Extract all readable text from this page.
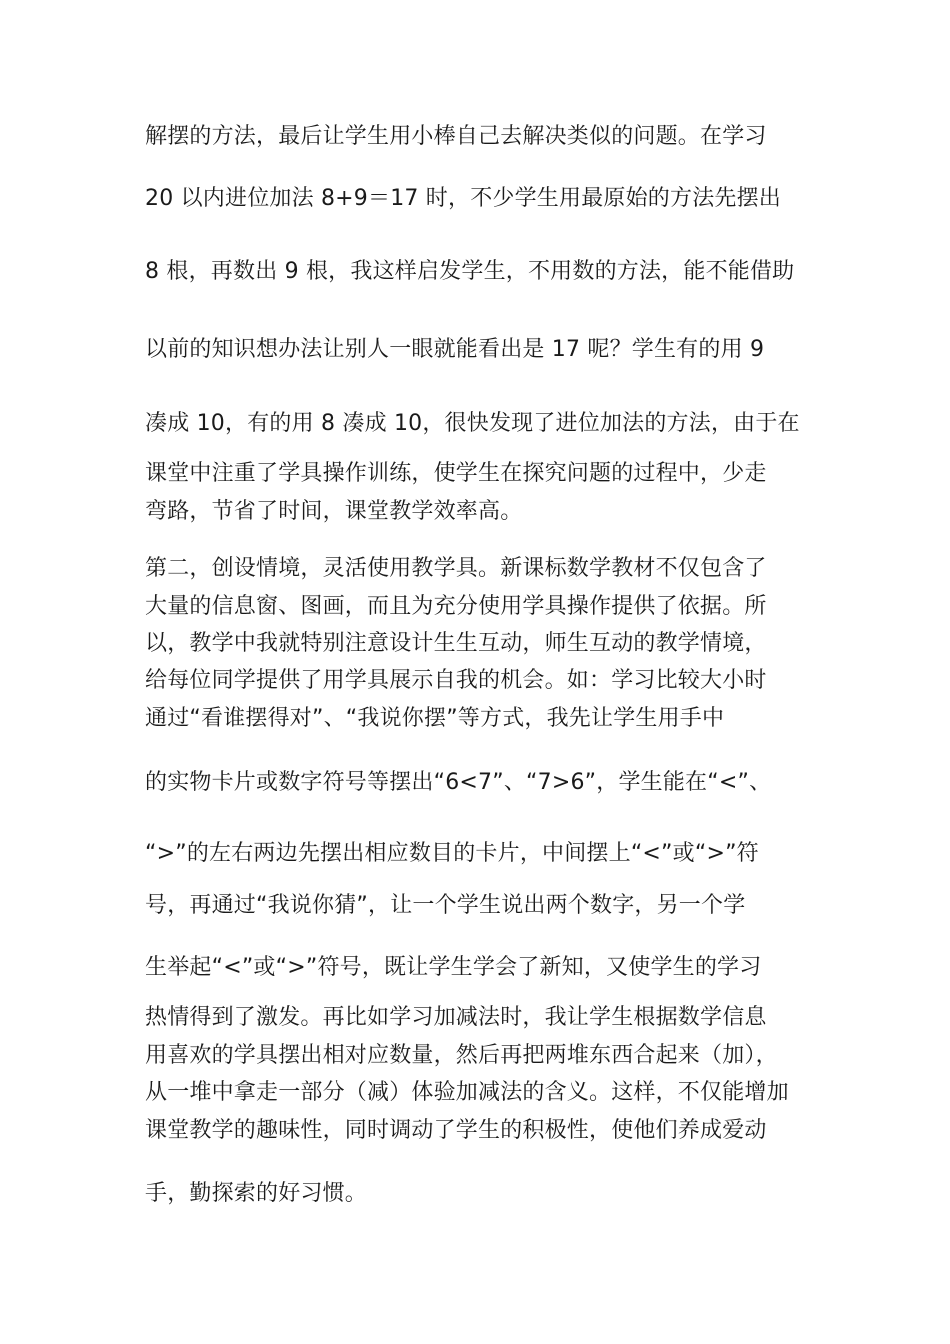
解摆的方法，最后让学生用小棒自己去解决类似的问题。在学习
20 以内进位加法 8+9＝17 时，不少学生用最原始的方法先摆出
8 根，再数出 9 根，我这样启发学生，不用数的方法，能不能借助
以前的知识想办法让别人一眼就能看出是 17 呢？学生有的用 9
凑成 10，有的用 8 凑成 10，很快发现了进位加法的方法，由于在
课堂中注重了学具操作训练，使学生在探究问题的过程中，少走
弯路，节省了时间，课堂教学效率高。
第二，创设情境，灵活使用教学具。新课标数学教材不仅包含了
大量的信息窗、图画，而且为充分使用学具操作提供了依据。所
以，教学中我就特别注意设计生生互动，师生互动的教学情境，
给每位同学提供了用学具展示自我的机会。如：学习比较大小时
通过“看谁摆得对”、“我说你摆”等方式，我先让学生用手中
的实物卡片或数字符号等摆出“6<7”、“7>6”，学生能在“<”、
“>”的左右两边先摆出相应数目的卡片，中间摆上“<”或“>”符
号，再通过“我说你猜”，让一个学生说出两个数字，另一个学
生举起“<”或“>”符号，既让学生学会了新知，又使学生的学习
热情得到了激发。再比如学习加减法时，我让学生根据数学信息
用喜欢的学具摆出相对应数量，然后再把两堆东西合起来（加），
从一堆中拿走一部分（减）体验加减法的含义。这样，不仅能增加
课堂教学的趣味性，同时调动了学生的积极性，使他们养成爱动
手，勤探索的好习惯。
